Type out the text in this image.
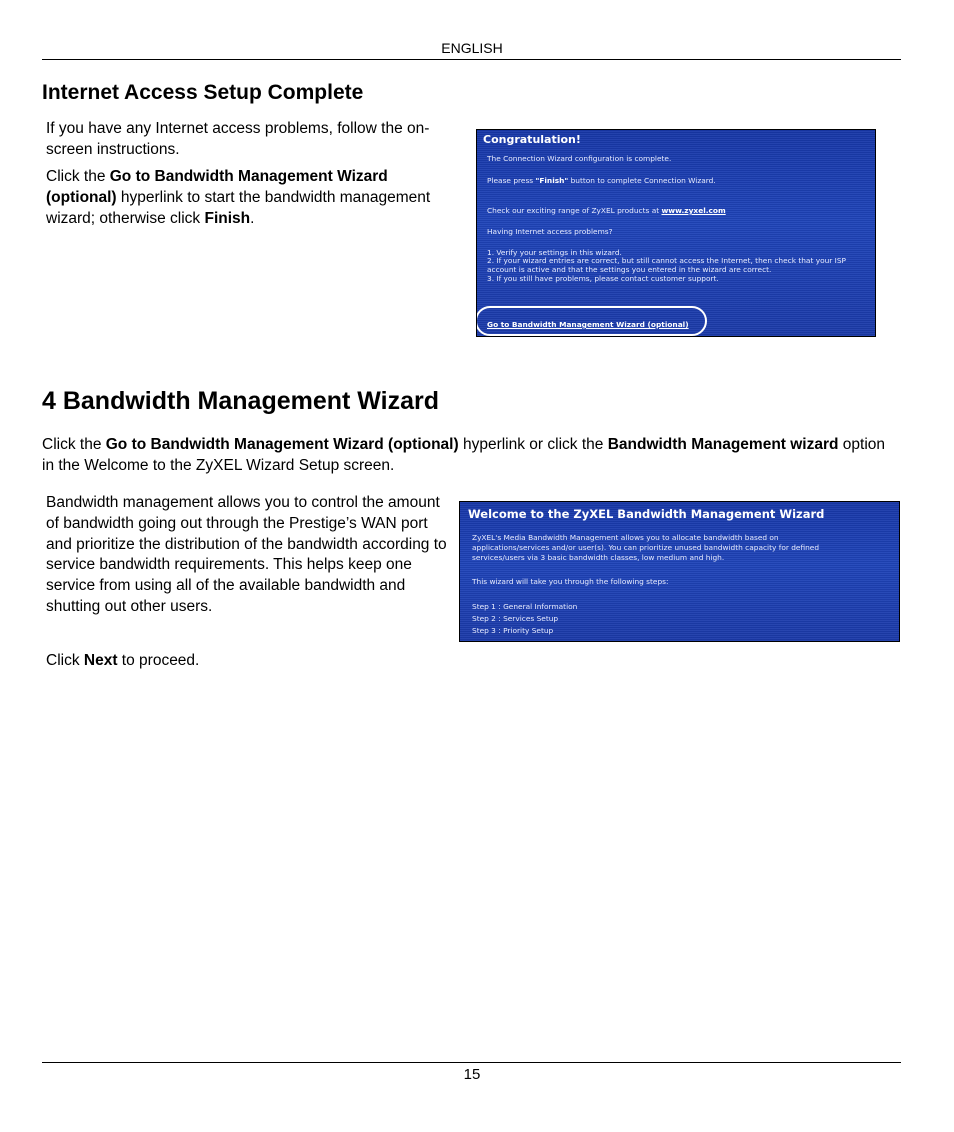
ENGLISH
Internet Access Setup Complete
If you have any Internet access problems, follow the on-screen instructions.
Click the Go to Bandwidth Management Wizard (optional) hyperlink to start the bandwidth management wizard; otherwise click Finish.
Congratulation!
The Connection Wizard configuration is complete.
Please press "Finish" button to complete Connection Wizard.
Check our exciting range of ZyXEL products at www.zyxel.com
Having Internet access problems?
1. Verify your settings in this wizard.
2. If your wizard entries are correct, but still cannot access the Internet, then check that your ISP
account is active and that the settings you entered in the wizard are correct.
3. If you still have problems, please contact customer support.
Go to Bandwidth Management Wizard (optional)
4 Bandwidth Management Wizard
Click the Go to Bandwidth Management Wizard (optional) hyperlink or click the Bandwidth Management wizard option in the Welcome to the ZyXEL Wizard Setup screen.
Bandwidth management allows you to control the amount of bandwidth going out through the Prestige’s WAN port and prioritize the distribution of the bandwidth according to service bandwidth requirements. This helps keep one service from using all of the available bandwidth and shutting out other users.
Click Next to proceed.
Welcome to the ZyXEL Bandwidth Management Wizard
ZyXEL's Media Bandwidth Management allows you to allocate bandwidth based on
applications/services and/or user(s). You can prioritize unused bandwidth capacity for defined
services/users via 3 basic bandwidth classes, low medium and high.
This wizard will take you through the following steps:
Step 1 : General Information
Step 2 : Services Setup
Step 3 : Priority Setup
15
